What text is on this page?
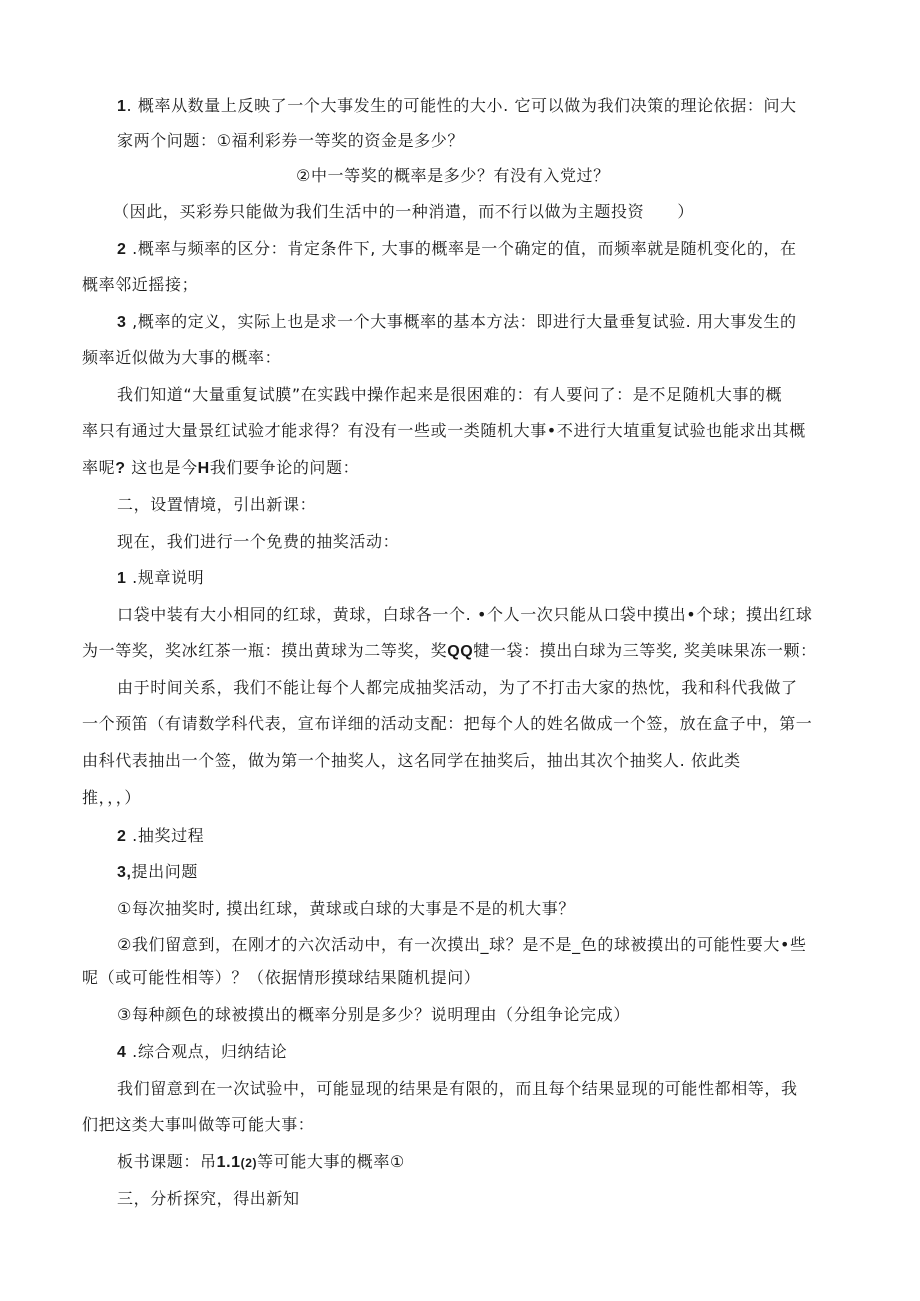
1. 概率从数量上反映了一个大事发生的可能性的大小. 它可以做为我们决策的理论依据：问大
家两个问题：①福利彩券一等奖的资金是多少？
②中一等奖的概率是多少？有没有入党过？
（因此，买彩券只能做为我们生活中的一种消遣，而不行以做为主题投资　　）
2 .概率与频率的区分：肯定条件下, 大事的概率是一个确定的值，而频率就是随机变化的，在
概率邻近摇接；
3 ,概率的定义，实际上也是求一个大事概率的基本方法：即进行大量垂复试验. 用大事发生的
频率近似做为大事的概率：
我们知道“大量重复试膜”在实践中操作起来是很困难的：有人要问了：是不足随机大事的概
率只有通过大量景红试验才能求得？有没有一些或一类随机大事•不进行大埴重复试验也能求出其概
率呢? 这也是今H我们要争论的问题：
二，设置情境，引出新课：
现在，我们进行一个免费的抽奖活动：
1 .规章说明
口袋中装有大小相同的红球，黄球，白球各一个. •个人一次只能从口袋中摸出•个球；摸出红球
为一等奖，奖冰红茶一瓶：摸出黄球为二等奖，奖QQ犍一袋：摸出白球为三等奖, 奖美味果冻一颗：
由于时间关系，我们不能让每个人都完成抽奖活动，为了不打击大家的热忱，我和科代我做了
一个预笛（有请数学科代表，宣布详细的活动支配：把每个人的姓名做成一个签，放在盒子中，第一
由科代表抽出一个签，做为第一个抽奖人，这名同学在抽奖后，抽出其次个抽奖人. 依此类
推，，，）
2 .抽奖过程
3,提出问题
①每次抽奖时, 摸出红球，黄球或白球的大事是不是的机大事？
②我们留意到，在刚才的六次活动中，有一次摸出_球？是不是_色的球被摸出的可能性要大•些
呢（或可能性相等）？（依据情形摸球结果随机提问）
③每种颜色的球被摸出的概率分别是多少？说明理由（分组争论完成）
4 .综合观点，归纳结论
我们留意到在一次试验中，可能显现的结果是有限的，而且每个结果显现的可能性都相等，我
们把这类大事叫做等可能大事：
板书课题：吊1.1(2)等可能大事的概率①
三，分析探究，得出新知
